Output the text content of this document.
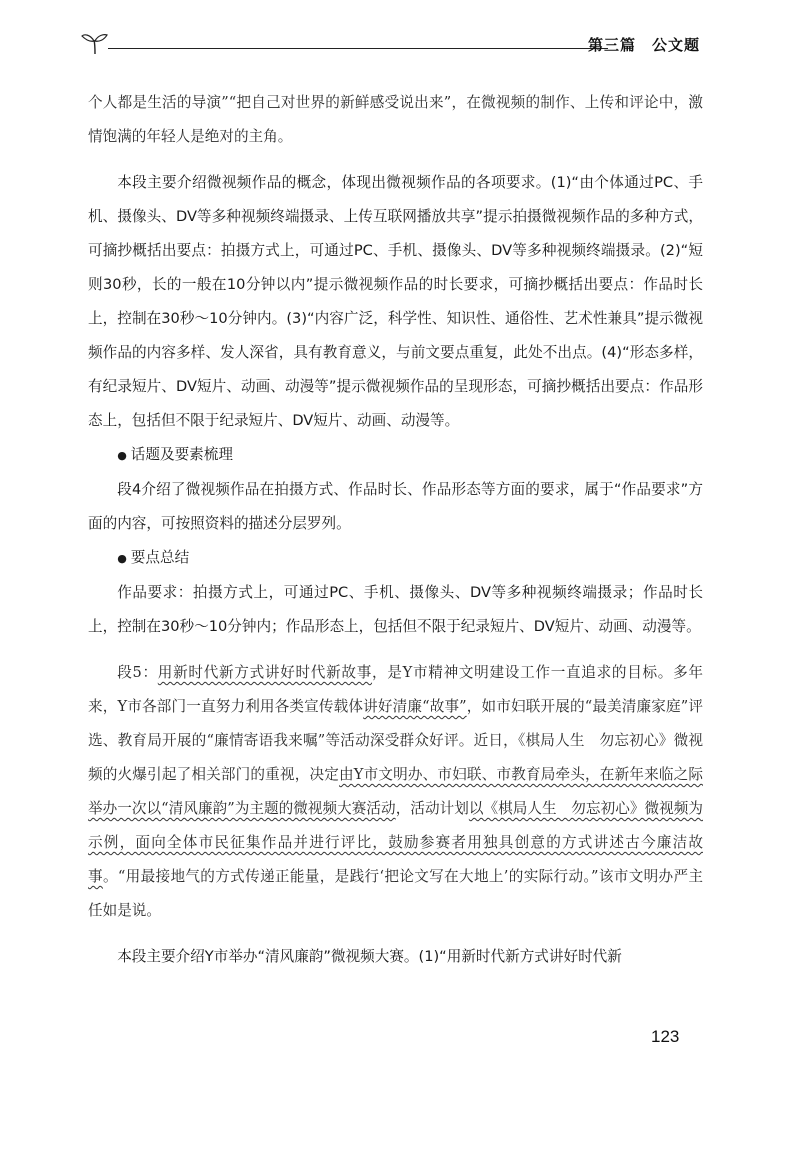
第三篇　公文题

个人都是生活的导演”“把自己对世界的新鲜感受说出来”，在微视频的制作、上传和评论中，激情饱满的年轻人是绝对的主角。

本段主要介绍微视频作品的概念，体现出微视频作品的各项要求。(1)“由个体通过PC、手机、摄像头、DV等多种视频终端摄录、上传互联网播放共享”提示拍摄微视频作品的多种方式，可摘抄概括出要点：拍摄方式上，可通过PC、手机、摄像头、DV等多种视频终端摄录。(2)“短则30秒，长的一般在10分钟以内”提示微视频作品的时长要求，可摘抄概括出要点：作品时长上，控制在30秒～10分钟内。(3)“内容广泛，科学性、知识性、通俗性、艺术性兼具”提示微视频作品的内容多样、发人深省，具有教育意义，与前文要点重复，此处不出点。(4)“形态多样，有纪录短片、DV短片、动画、动漫等”提示微视频作品的呈现形态，可摘抄概括出要点：作品形态上，包括但不限于纪录短片、DV短片、动画、动漫等。

● 话题及要素梳理

段4介绍了微视频作品在拍摄方式、作品时长、作品形态等方面的要求，属于“作品要求”方面的内容，可按照资料的描述分层罗列。

● 要点总结

作品要求：拍摄方式上，可通过PC、手机、摄像头、DV等多种视频终端摄录；作品时长上，控制在30秒～10分钟内；作品形态上，包括但不限于纪录短片、DV短片、动画、动漫等。

段5：用新时代新方式讲好时代新故事，是Y市精神文明建设工作一直追求的目标。多年来，Y市各部门一直努力利用各类宣传载体讲好清廉“故事”，如市妇联开展的“最美清廉家庭”评选、教育局开展的“廉情寄语我来嘱”等活动深受群众好评。近日，《棋局人生　勿忘初心》微视频的火爆引起了相关部门的重视，决定由Y市文明办、市妇联、市教育局牵头，在新年来临之际举办一次以“清风廉韵”为主题的微视频大赛活动，活动计划以《棋局人生　勿忘初心》微视频为示例，面向全体市民征集作品并进行评比，鼓励参赛者用独具创意的方式讲述古今廉洁故事。“用最接地气的方式传递正能量，是践行‘把论文写在大地上’的实际行动。”该市文明办严主任如是说。

本段主要介绍Y市举办“清风廉韵”微视频大赛。(1)“用新时代新方式讲好时代新

123
